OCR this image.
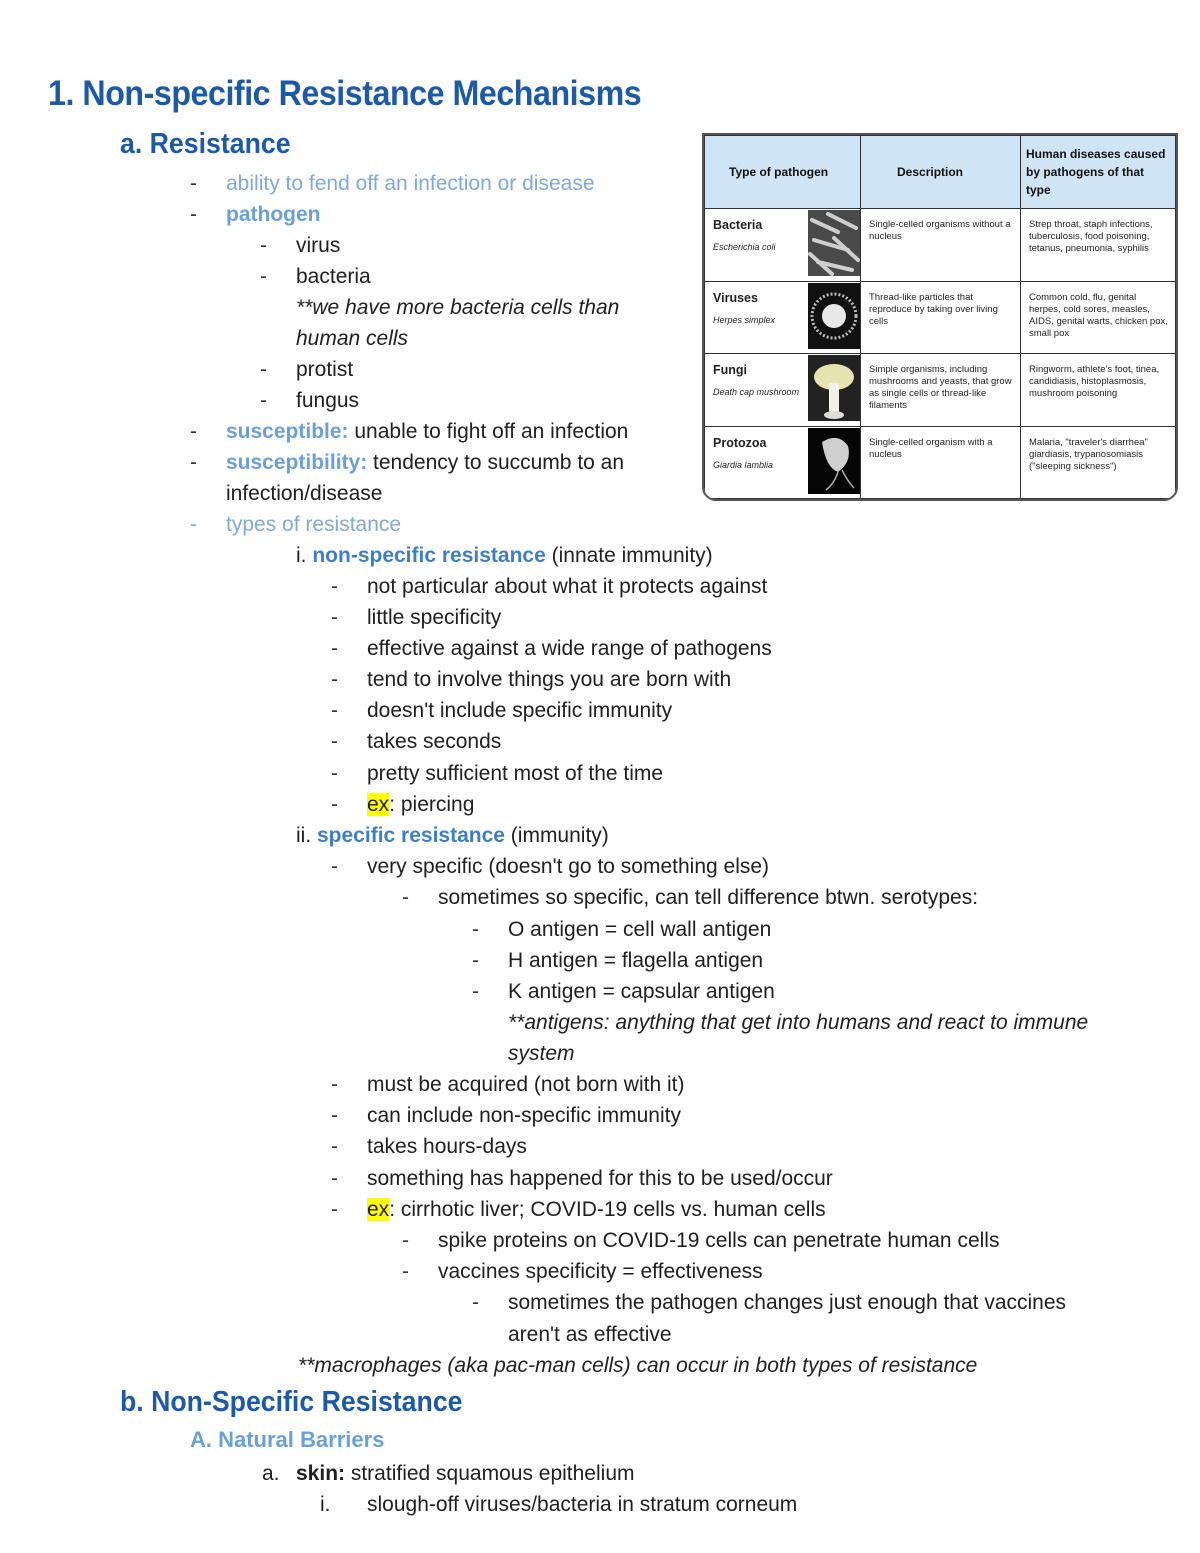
1. Non-specific Resistance Mechanisms
a. Resistance
- ability to fend off an infection or disease
- pathogen
- virus
- bacteria
**we have more bacteria cells than
human cells
- protist
- fungus
- susceptible: unable to fight off an infection
- susceptibility: tendency to succumb to an
infection/disease
- types of resistance
i. non-specific resistance (innate immunity)
- not particular about what it protects against
- little specificity
- effective against a wide range of pathogens
- tend to involve things you are born with
- doesn't include specific immunity
- takes seconds
- pretty sufficient most of the time
- ex: piercing
ii. specific resistance (immunity)
- very specific (doesn't go to something else)
- sometimes so specific, can tell difference btwn. serotypes:
- O antigen = cell wall antigen
- H antigen = flagella antigen
- K antigen = capsular antigen
**antigens: anything that get into humans and react to immune
system
- must be acquired (not born with it)
- can include non-specific immunity
- takes hours-days
- something has happened for this to be used/occur
- ex: cirrhotic liver; COVID-19 cells vs. human cells
- spike proteins on COVID-19 cells can penetrate human cells
- vaccines specificity = effectiveness
- sometimes the pathogen changes just enough that vaccines
aren't as effective
**macrophages (aka pac-man cells) can occur in both types of resistance
b. Non-Specific Resistance
A. Natural Barriers
a. skin: stratified squamous epithelium
i. slough-off viruses/bacteria in stratum corneum
Type of pathogen	Description	Human diseases caused by pathogens of that type

Bacteria
Escherichia coli	Single-celled organisms without a nucleus	Strep throat, staph infections, tuberculosis, food poisoning, tetanus, pneumonia, syphilis

Viruses
Herpes simplex	Thread-like particles that reproduce by taking over living cells	Common cold, flu, genital herpes, cold sores, measles, AIDS, genital warts, chicken pox, small pox

Fungi
Death cap mushroom	Simple organisms, including mushrooms and yeasts, that grow as single cells or thread-like filaments	Ringworm, athlete's foot, tinea, candidiasis, histoplasmosis, mushroom poisoning

Protozoa
Giardia lamblia	Single-celled organism with a nucleus	Malaria, "traveler's diarrhea" giardiasis, trypanosomiasis ("sleeping sickness")
